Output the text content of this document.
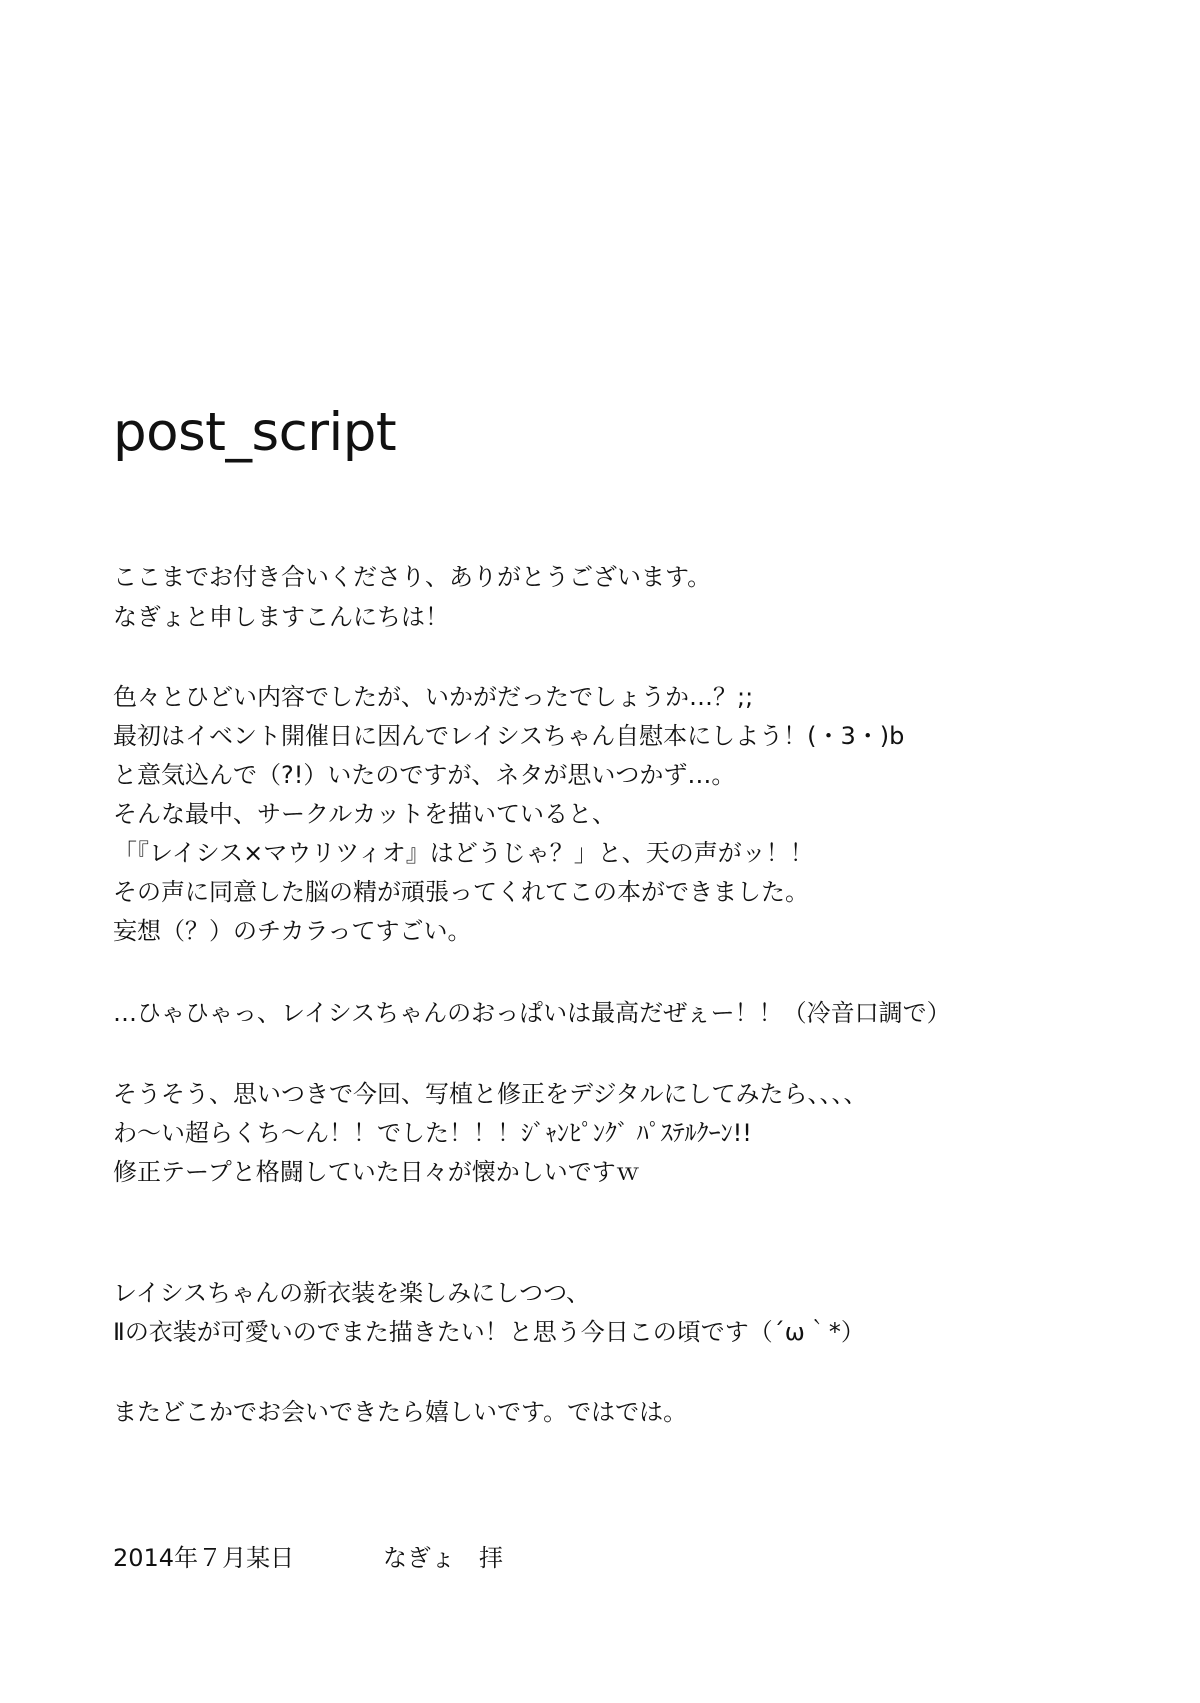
post_script

ここまでお付き合いくださり、ありがとうございます。

なぎょと申しますこんにちは！

色々とひどい内容でしたが、いかがだったでしょうか…？;;

最初はイベント開催日に因んでレイシスちゃん自慰本にしよう！(・3・)b

と意気込んで（?!）いたのですが、ネタが思いつかず…。

そんな最中、サークルカットを描いていると、

「『レイシス×マウリツィオ』はどうじゃ？」と、天の声がッ！！

その声に同意した脳の精が頑張ってくれてこの本ができました。

妄想（？）のチカラってすごい。

…ひゃひゃっ、レイシスちゃんのおっぱいは最高だぜぇー！！（冷音口調で）

そうそう、思いつきで今回、写植と修正をデジタルにしてみたら、、、、

わ～い超らくち～ん！！でした！！！ｼﾞｬﾝﾋﾟﾝｸﾞ ﾊﾟｽﾃﾙｸｰﾝ!!

修正テープと格闘していた日々が懐かしいですｗ

レイシスちゃんの新衣装を楽しみにしつつ、

Ⅱの衣装が可愛いのでまた描きたい！と思う今日この頃です（´ω｀*）

またどこかでお会いできたら嬉しいです。ではでは。

2014年７月某日	なぎょ　拝
